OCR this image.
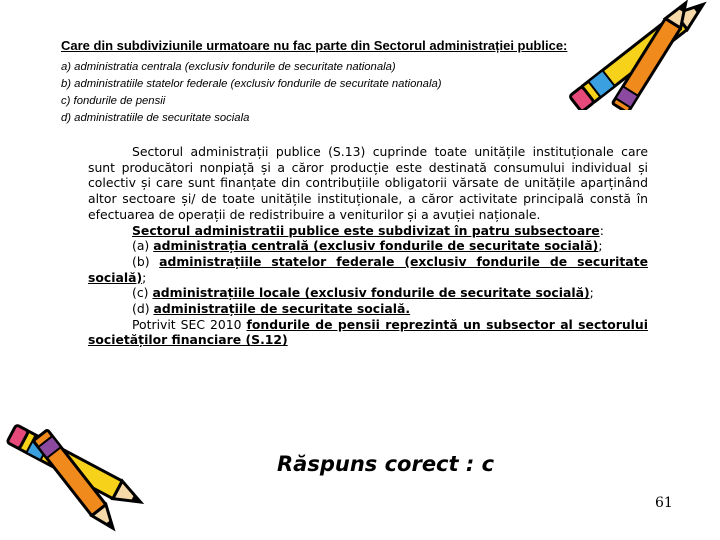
Care din subdiviziunile urmatoare nu fac parte din Sectorul administrației publice:
a) administratia centrala (exclusiv fondurile de securitate nationala)
b) administratiile statelor federale (exclusiv fondurile de securitate nationala)
c) fondurile de pensii
d) administratiile de securitate sociala

Sectorul administrații publice (S.13) cuprinde toate unitățile instituționale care sunt producători nonpiață și a căror producție este destinată consumului individual și colectiv și care sunt finanțate din contribuțiile obligatorii vărsate de unitățile aparținând altor sectoare și/ de toate unitățile instituționale, a căror activitate principală constă în efectuarea de operații de redistribuire a veniturilor și a avuției naționale.

Sectorul administratii publice este subdivizat în patru subsectoare:

(a) administrația centrală (exclusiv fondurile de securitate socială);

(b) administrațiile statelor federale (exclusiv fondurile de securitate socială);

(c) administrațiile locale (exclusiv fondurile de securitate socială);

(d) administrațiile de securitate socială.

Potrivit SEC 2010 fondurile de pensii reprezintă un subsector al sectorului societăților financiare (S.12)

Răspuns corect : c
61
